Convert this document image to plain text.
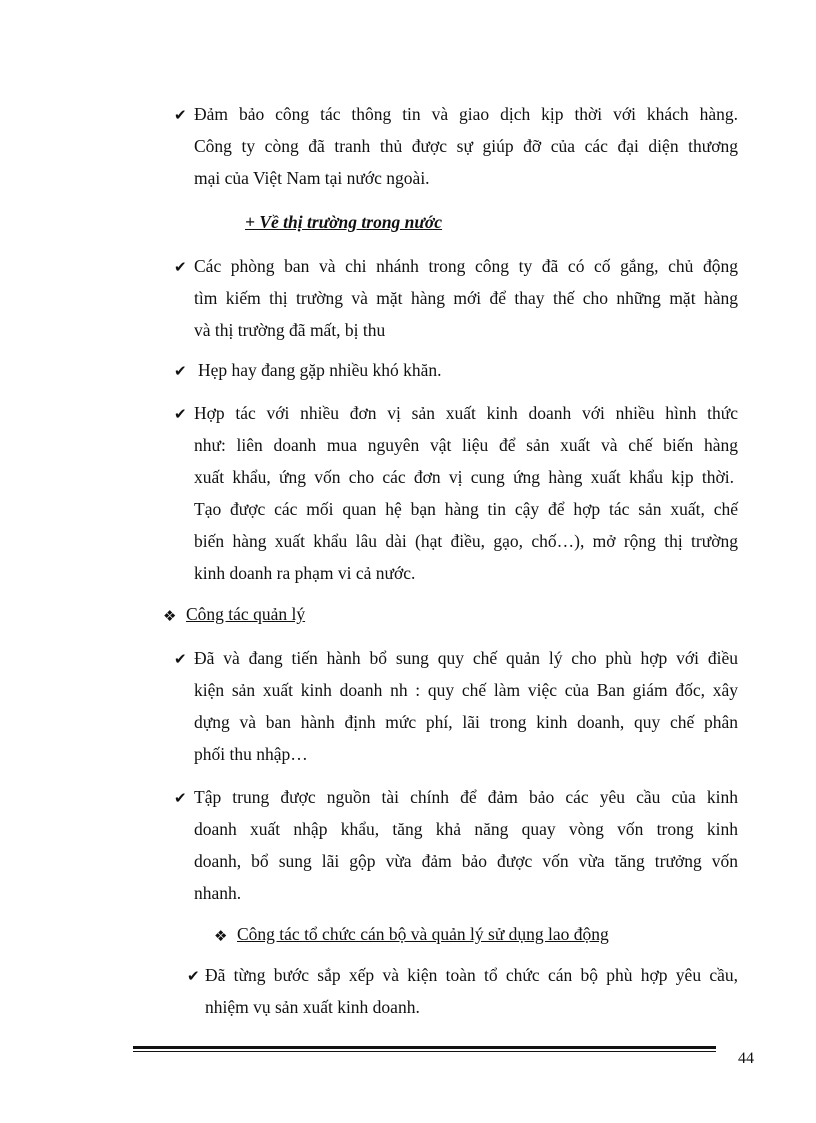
✔ Đảm bảo công tác thông tin và giao dịch kịp thời với khách hàng.
Công ty còng đã tranh thủ được sự giúp đỡ của các đại diện thương
mại của Việt Nam tại nước ngoài.
+ Về thị trường trong nước
✔ Các phòng ban và chi nhánh trong công ty đã có cố gắng, chủ động
tìm kiếm thị trường và mặt hàng mới để thay thế cho những mặt hàng
và thị trường đã mất, bị thu
✔ Hẹp hay đang gặp nhiều khó khăn.
✔ Hợp tác với nhiều đơn vị sản xuất kinh doanh với nhiều hình thức
như: liên doanh mua nguyên vật liệu để sản xuất và chế biến hàng
xuất khẩu, ứng vốn cho các đơn vị cung ứng hàng xuất khẩu kịp thời.
Tạo được các mối quan hệ bạn hàng tin cậy để hợp tác sản xuất, chế
biến hàng xuất khẩu lâu dài (hạt điều, gạo, chố…), mở rộng thị trường
kinh doanh ra phạm vi cả nước.
❖ Công tác quản lý
✔ Đã và đang tiến hành bổ sung quy chế quản lý cho phù hợp với điều
kiện sản xuất kinh doanh nh : quy chế làm việc của Ban giám đốc, xây
dựng và ban hành định mức phí, lãi trong kinh doanh, quy chế phân
phối thu nhập…
✔ Tập trung được nguồn tài chính để đảm bảo các yêu cầu của kinh
doanh xuất nhập khẩu, tăng khả năng quay vòng vốn trong kinh
doanh, bổ sung lãi gộp vừa đảm bảo được vốn vừa tăng trưởng vốn
nhanh.
❖ Công tác tổ chức cán bộ và quản lý sử dụng lao động
✔ Đã từng bước sắp xếp và kiện toàn tổ chức cán bộ phù hợp yêu cầu,
nhiệm vụ sản xuất kinh doanh.
44
